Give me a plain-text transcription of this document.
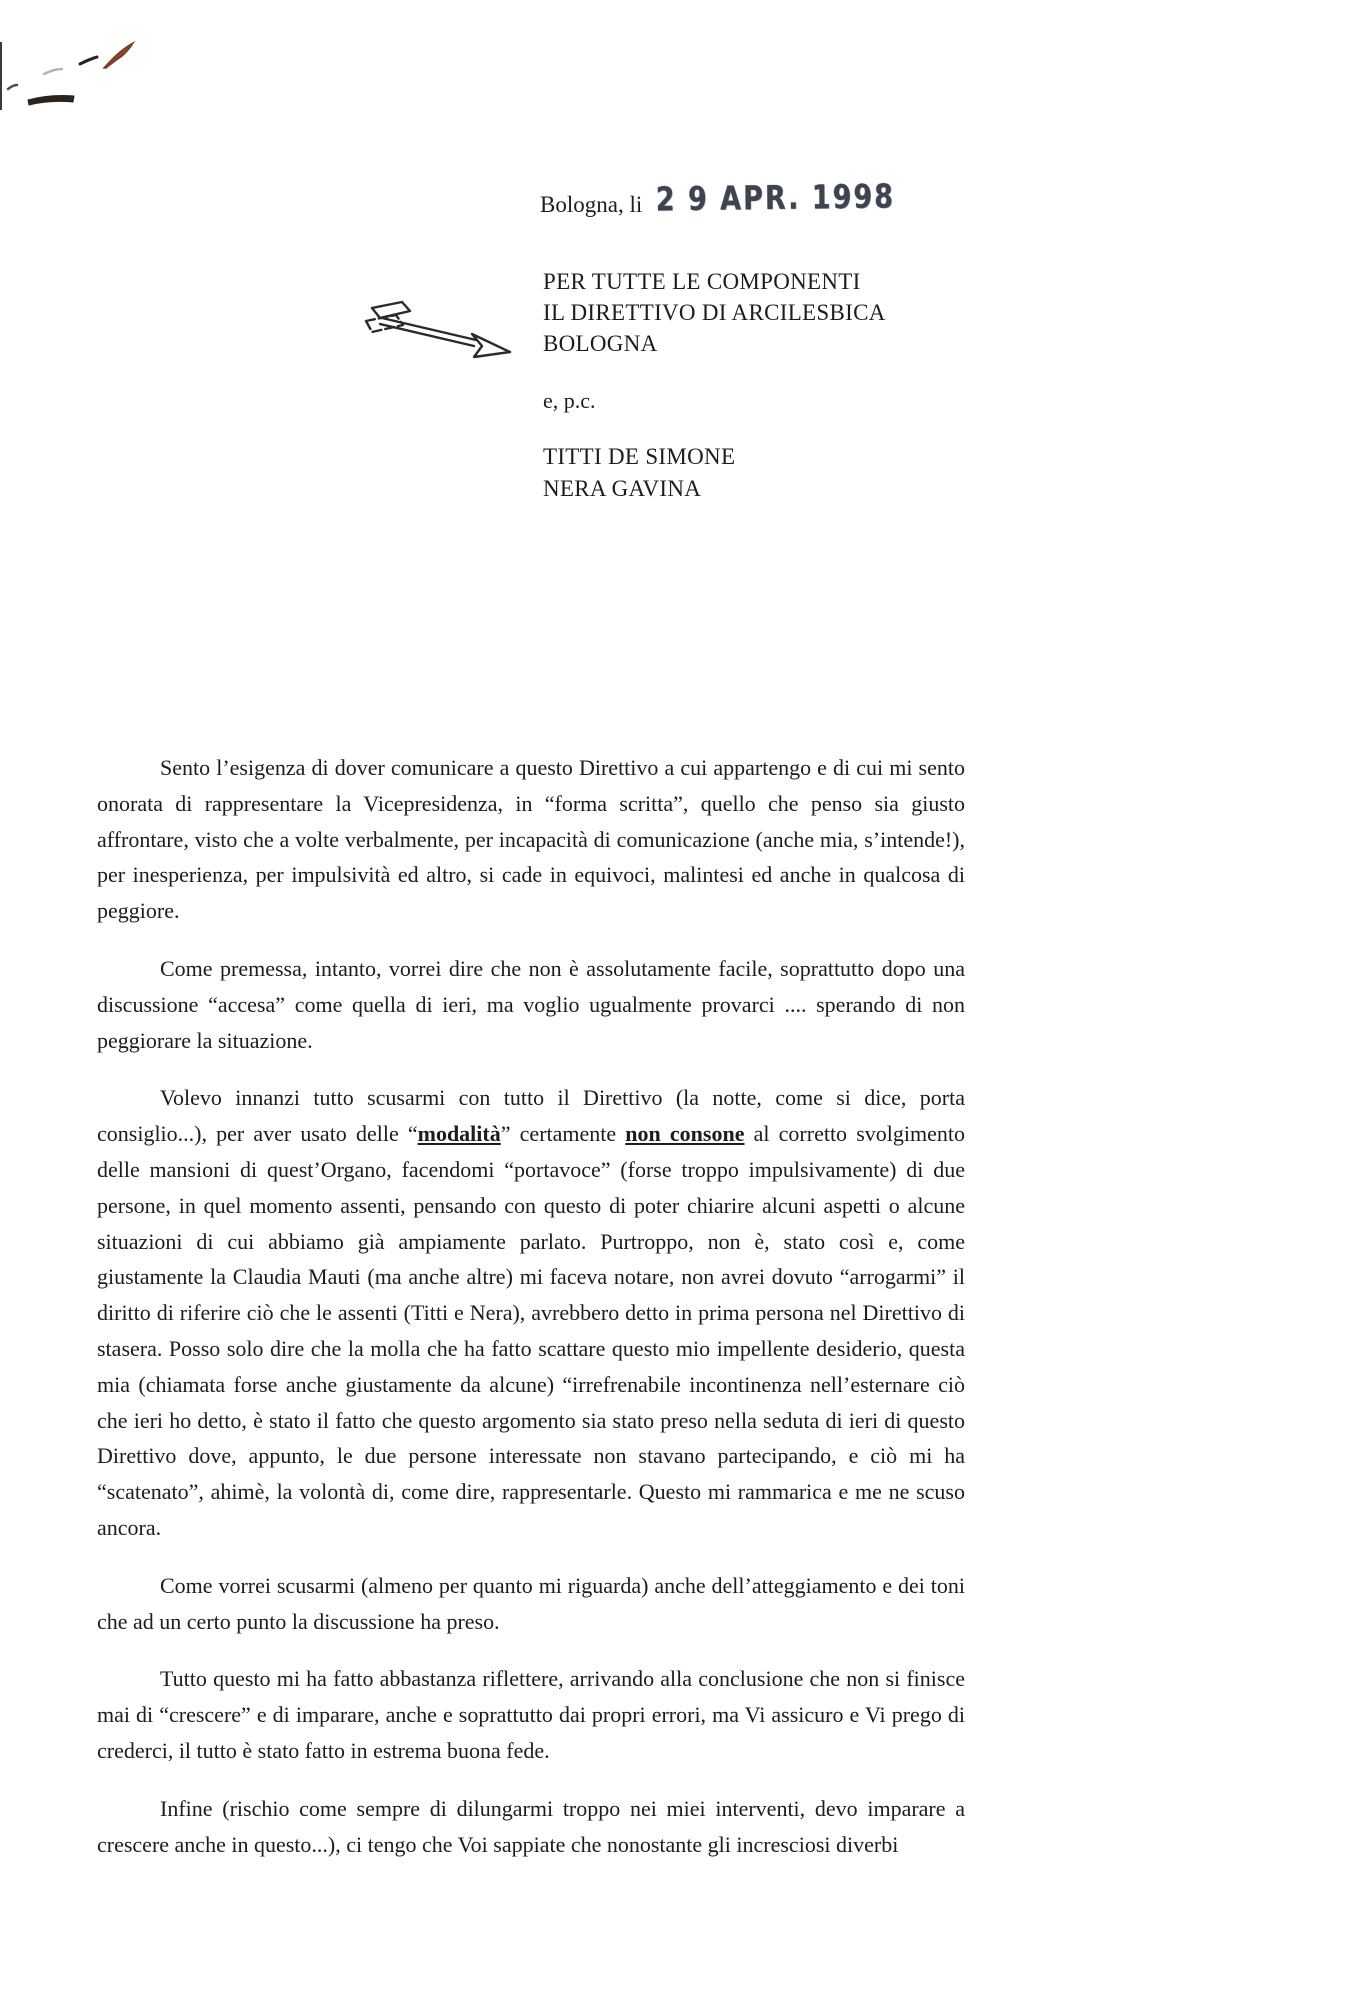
Bologna, li 2 9 APR. 1998
PER TUTTE LE COMPONENTI
IL DIRETTIVO DI ARCILESBICA
BOLOGNA
e, p.c.
TITTI DE SIMONE
NERA GAVINA

Sento l’esigenza di dover comunicare a questo Direttivo a cui appartengo e di cui mi sento onorata di rappresentare la Vicepresidenza, in “forma scritta”, quello che penso sia giusto affrontare, visto che a volte verbalmente, per incapacità di comunicazione (anche mia, s’intende!), per inesperienza, per impulsività ed altro, si cade in equivoci, malintesi ed anche in qualcosa di peggiore.

Come premessa, intanto, vorrei dire che non è assolutamente facile, soprattutto dopo una discussione “accesa” come quella di ieri, ma voglio ugualmente provarci .... sperando di non peggiorare la situazione.

Volevo innanzi tutto scusarmi con tutto il Direttivo (la notte, come si dice, porta consiglio...), per aver usato delle “modalità” certamente non consone al corretto svolgimento delle mansioni di quest’Organo, facendomi “portavoce” (forse troppo impulsivamente) di due persone, in quel momento assenti, pensando con questo di poter chiarire alcuni aspetti o alcune situazioni di cui abbiamo già ampiamente parlato. Purtroppo, non è, stato così e, come giustamente la Claudia Mauti (ma anche altre) mi faceva notare, non avrei dovuto “arrogarmi” il diritto di riferire ciò che le assenti (Titti e Nera), avrebbero detto in prima persona nel Direttivo di stasera. Posso solo dire che la molla che ha fatto scattare questo mio impellente desiderio, questa mia (chiamata forse anche giustamente da alcune) “irrefrenabile incontinenza nell’esternare ciò che ieri ho detto, è stato il fatto che questo argomento sia stato preso nella seduta di ieri di questo Direttivo dove, appunto, le due persone interessate non stavano partecipando, e ciò mi ha “scatenato”, ahimè, la volontà di, come dire, rappresentarle. Questo mi rammarica e me ne scuso ancora.

Come vorrei scusarmi (almeno per quanto mi riguarda) anche dell’atteggiamento e dei toni che ad un certo punto la discussione ha preso.

Tutto questo mi ha fatto abbastanza riflettere, arrivando alla conclusione che non si finisce mai di “crescere” e di imparare, anche e soprattutto dai propri errori, ma Vi assicuro e Vi prego di crederci, il tutto è stato fatto in estrema buona fede.

Infine (rischio come sempre di dilungarmi troppo nei miei interventi, devo imparare a crescere anche in questo...), ci tengo che Voi sappiate che nonostante gli incresciosi diverbi
